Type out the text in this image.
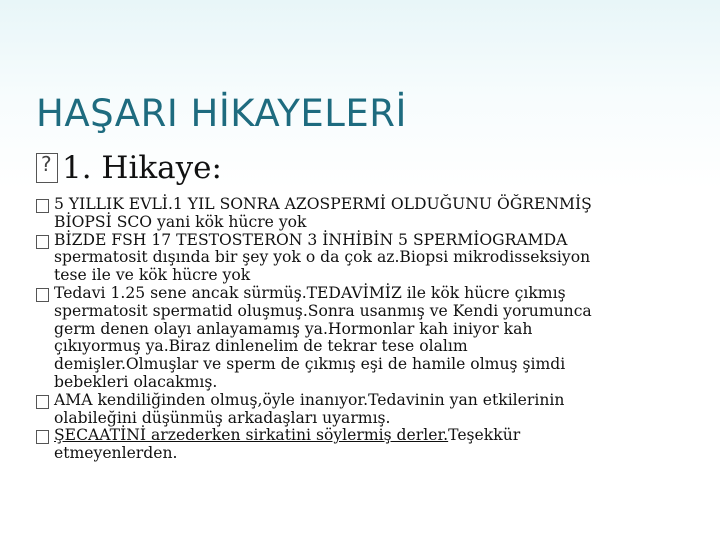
HAŞARI HİKAYELERİ
?
1. Hikaye:
5 YILLIK EVLİ.1 YIL SONRA AZOSPERMİ OLDUĞUNU ÖĞRENMİŞ
BİOPSİ SCO yani kök hücre yok
BİZDE FSH 17 TESTOSTERON 3 İNHİBİN 5 SPERMİOGRAMDA
spermatosit dışında bir şey yok o da çok az.Biopsi mikrodisseksiyon
tese ile ve kök hücre yok
Tedavi 1.25 sene ancak sürmüş.TEDAVİMİZ ile kök hücre çıkmış
spermatosit spermatid oluşmuş.Sonra usanmış ve Kendi yorumunca
germ denen olayı anlayamamış ya.Hormonlar kah iniyor kah
çıkıyormuş ya.Biraz dinlenelim de tekrar tese olalım
demişler.Olmuşlar ve sperm de çıkmış eşi de hamile olmuş şimdi
bebekleri olacakmış.
AMA kendiliğinden olmuş,öyle inanıyor.Tedavinin yan etkilerinin
olabileğini düşünmüş arkadaşları uyarmış.
ŞECAATİNİ arzederken sirkatini söylermiş derler.Teşekkür
etmeyenlerden.
